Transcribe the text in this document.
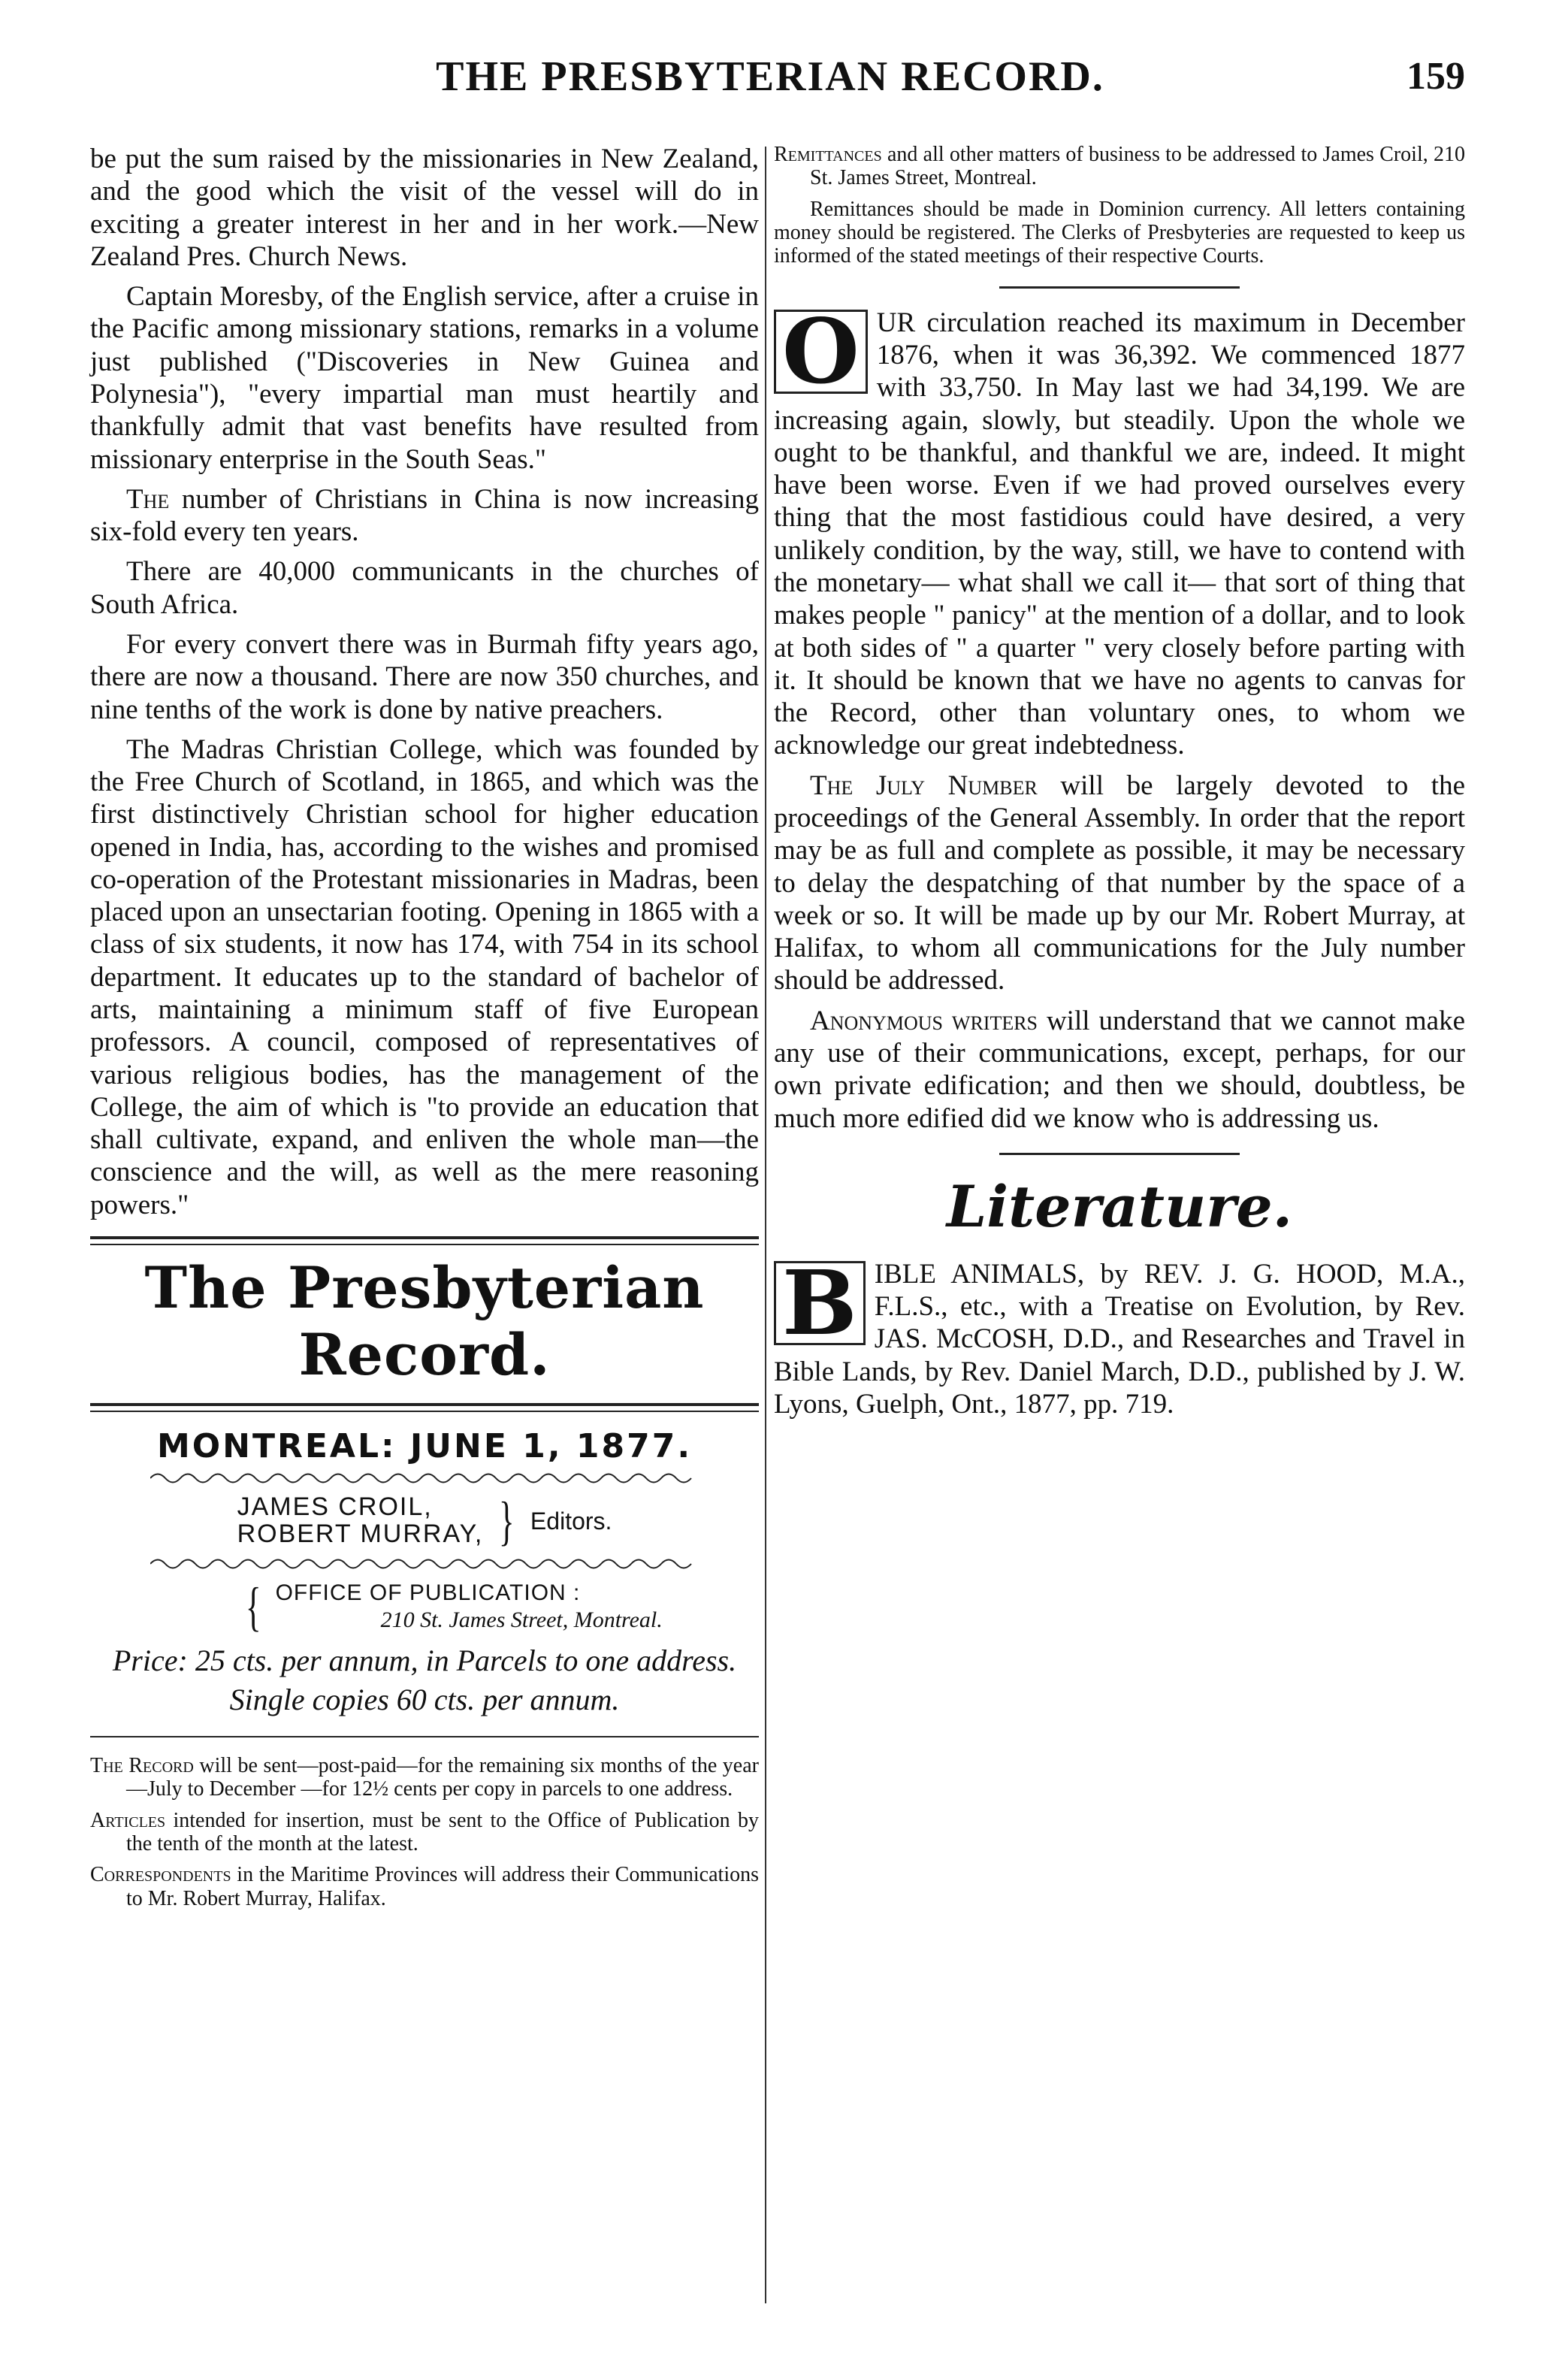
THE PRESBYTERIAN RECORD.	159

be put the sum raised by the missionaries in New Zealand, and the good which the visit of the vessel will do in exciting a greater interest in her and in her work.—New Zealand Pres. Church News.

Captain Moresby, of the English service, after a cruise in the Pacific among missionary stations, remarks in a volume just published ("Discoveries in New Guinea and Polynesia"), "every impartial man must heartily and thankfully admit that vast benefits have resulted from missionary enterprise in the South Seas."

The number of Christians in China is now increasing six-fold every ten years.

There are 40,000 communicants in the churches of South Africa.

For every convert there was in Burmah fifty years ago, there are now a thousand. There are now 350 churches, and nine tenths of the work is done by native preachers.

The Madras Christian College, which was founded by the Free Church of Scotland, in 1865, and which was the first distinctively Christian school for higher education opened in India, has, according to the wishes and promised co-operation of the Protestant missionaries in Madras, been placed upon an unsectarian footing. Opening in 1865 with a class of six students, it now has 174, with 754 in its school department. It educates up to the standard of bachelor of arts, maintaining a minimum staff of five European professors. A council, composed of representatives of various religious bodies, has the management of the College, the aim of which is "to provide an education that shall cultivate, expand, and enliven the whole man—the conscience and the will, as well as the mere reasoning powers."

The Presbyterian Record.
MONTREAL: JUNE 1, 1877.
JAMES CROIL,
ROBERT MURRAY, } Editors.
{ OFFICE OF PUBLICATION :
210 St. James Street, Montreal.
Price: 25 cts. per annum, in Parcels to one address. Single copies 60 cts. per annum.

The Record will be sent—post-paid—for the remaining six months of the year—July to December —for 12½ cents per copy in parcels to one address.

Articles intended for insertion, must be sent to the Office of Publication by the tenth of the month at the latest.

Correspondents in the Maritime Provinces will address their Communications to Mr. Robert Murray, Halifax.

Remittances and all other matters of business to be addressed to James Croil, 210 St. James Street, Montreal.

Remittances should be made in Dominion currency. All letters containing money should be registered. The Clerks of Presbyteries are requested to keep us informed of the stated meetings of their respective Courts.

O UR circulation reached its maximum in December 1876, when it was 36,392. We commenced 1877 with 33,750. In May last we had 34,199. We are increasing again, slowly, but steadily. Upon the whole we ought to be thankful, and thankful we are, indeed. It might have been worse. Even if we had proved ourselves every thing that the most fastidious could have desired, a very unlikely condition, by the way, still, we have to contend with the monetary— what shall we call it— that sort of thing that makes people " panicy" at the mention of a dollar, and to look at both sides of " a quarter " very closely before parting with it. It should be known that we have no agents to canvas for the Record, other than voluntary ones, to whom we acknowledge our great indebtedness.

The July Number will be largely devoted to the proceedings of the General Assembly. In order that the report may be as full and complete as possible, it may be necessary to delay the despatching of that number by the space of a week or so. It will be made up by our Mr. Robert Murray, at Halifax, to whom all communications for the July number should be addressed.

Anonymous writers will understand that we cannot make any use of their communications, except, perhaps, for our own private edification; and then we should, doubtless, be much more edified did we know who is addressing us.

Literature.

B IBLE ANIMALS, by REV. J. G. HOOD, M.A., F.L.S., etc., with a Treatise on Evolution, by Rev. JAS. McCOSH, D.D., and Researches and Travel in Bible Lands, by Rev. Daniel March, D.D., published by J. W. Lyons, Guelph, Ont., 1877, pp. 719.
